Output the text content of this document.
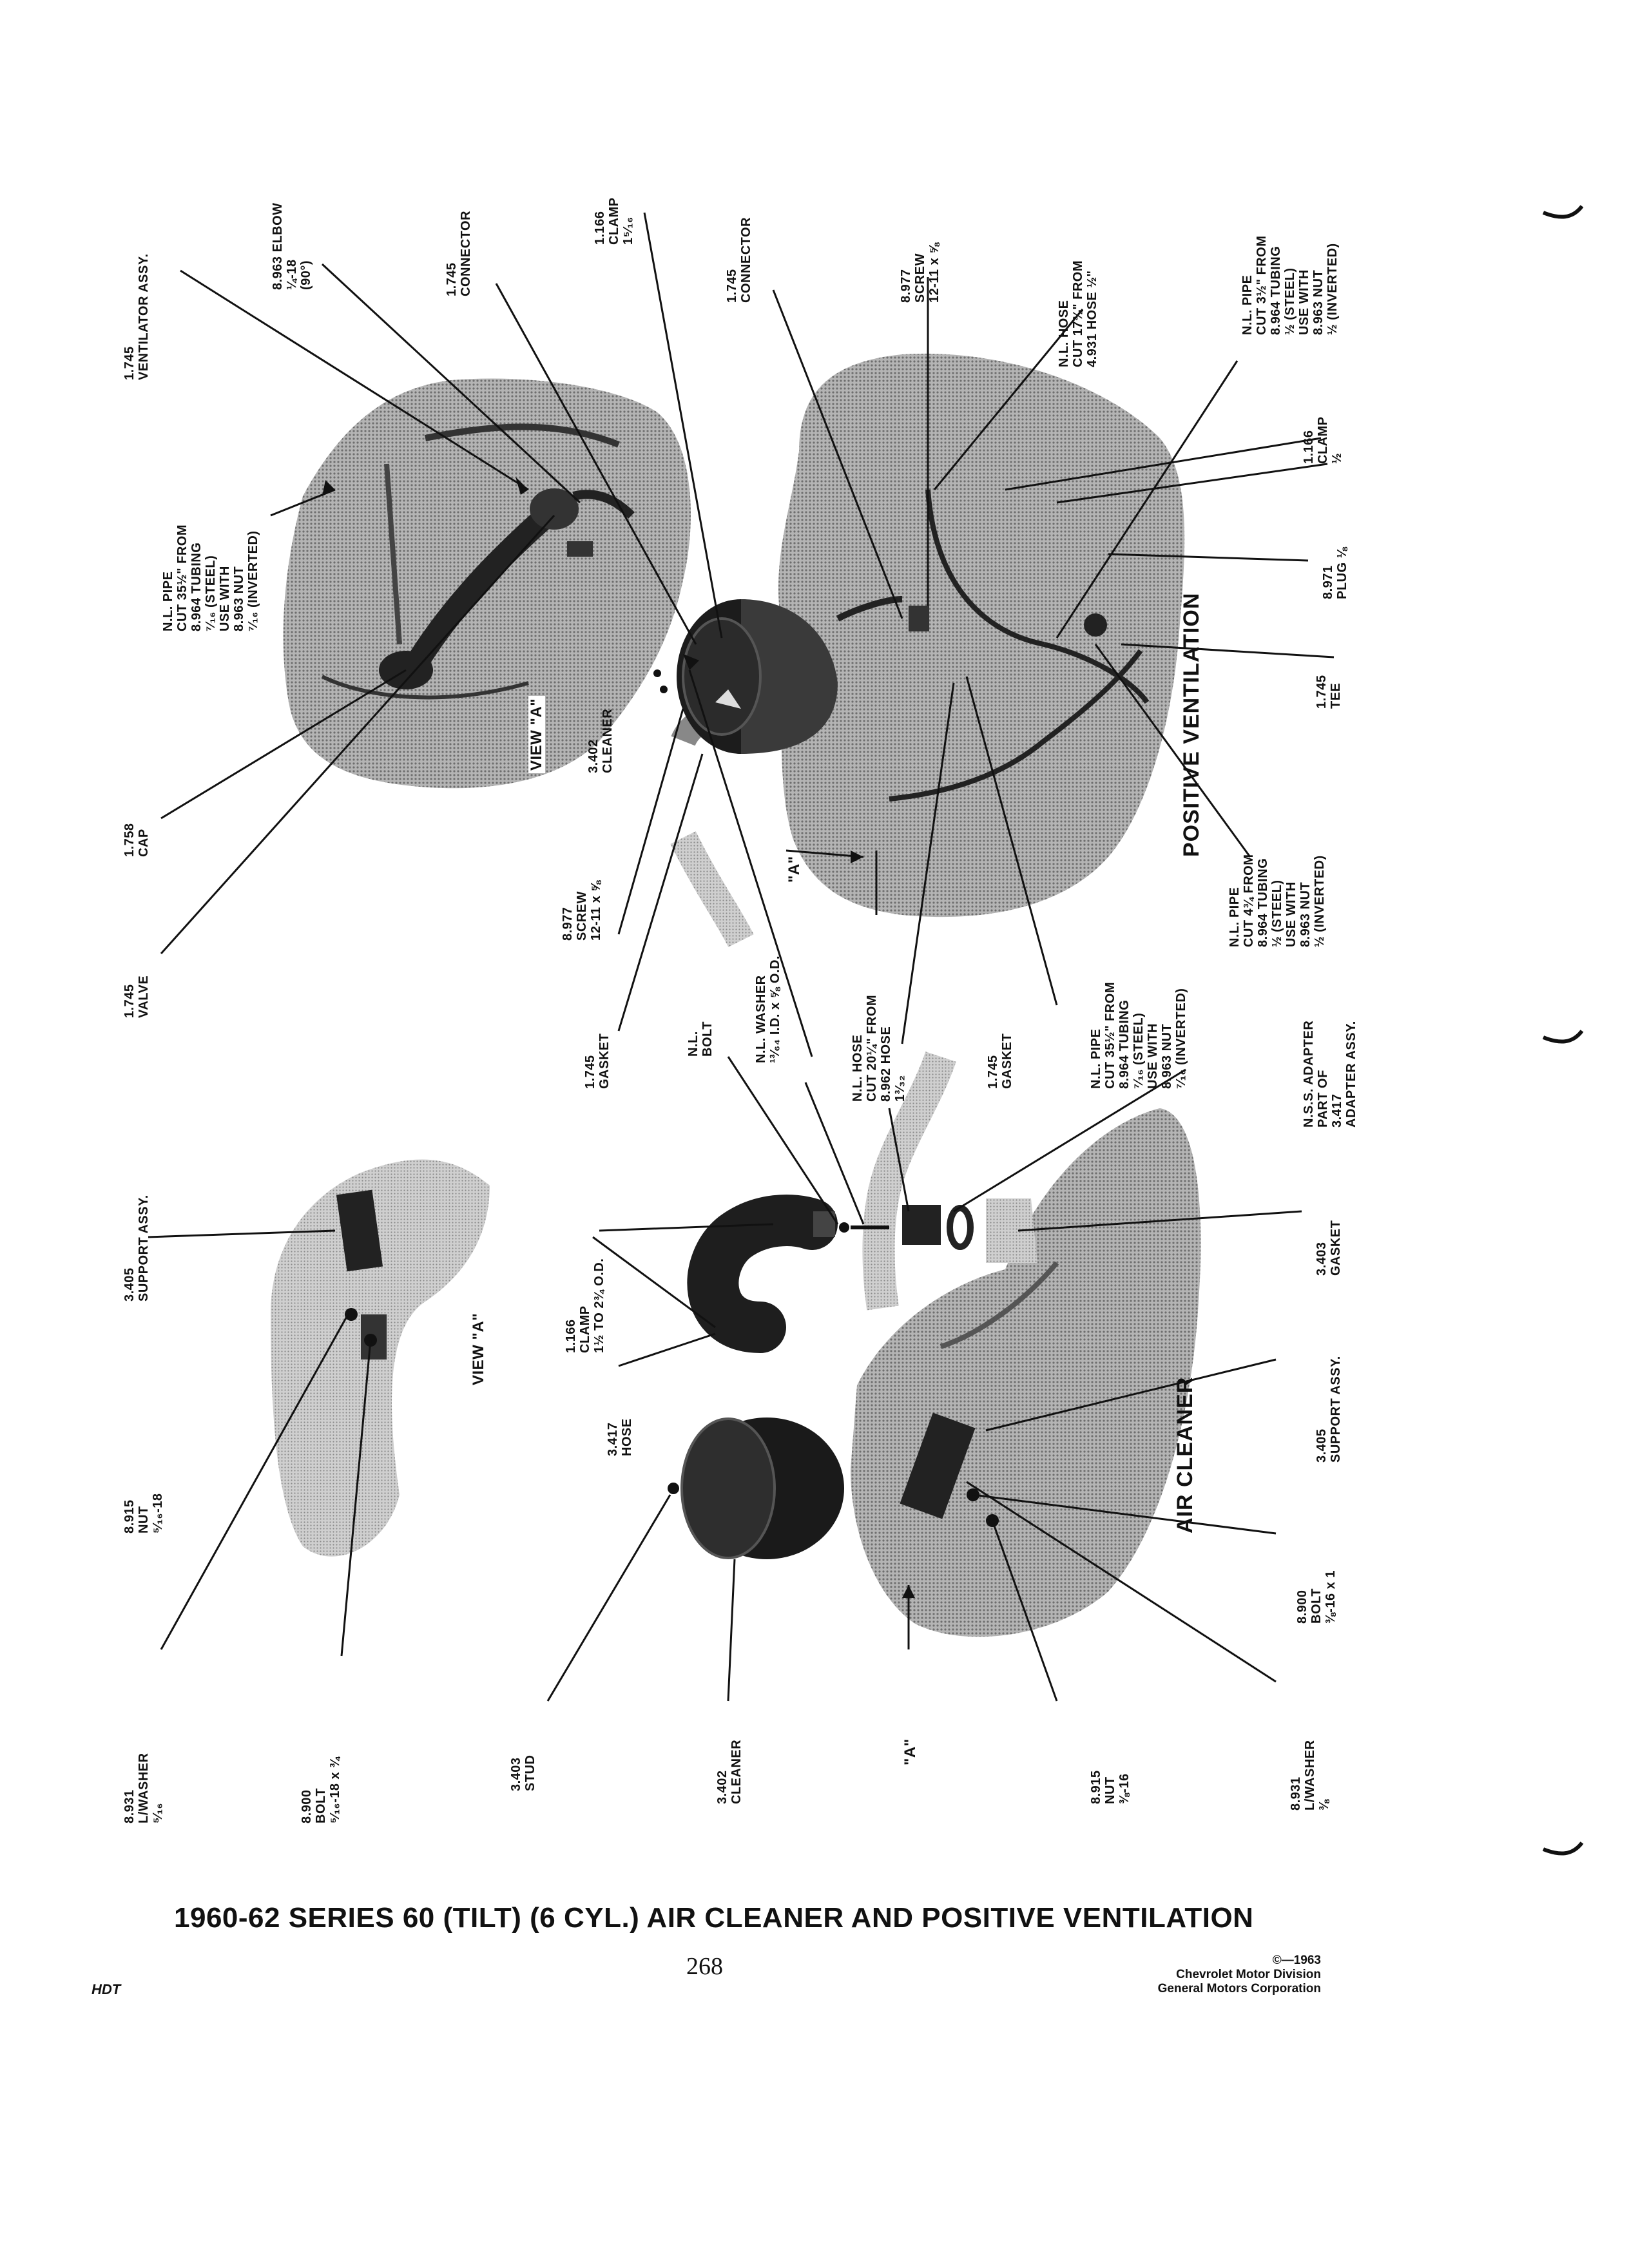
1.745
VENTILATOR ASSY.	8.963 ELBOW
¼-18
(90°)	1.745
CONNECTOR	1.166
CLAMP
1⁵⁄₁₆
1.745
CONNECTOR	8.977
SCREW
12-11 x ⅝
N.L. HOSE
CUT 17¾" FROM
4.931 HOSE ½"
N.L. PIPE
CUT 3½" FROM
8.964 TUBING
½ (STEEL)
USE WITH
8.963 NUT
½ (INVERTED)
N.L. PIPE
CUT 35½" FROM
8.964 TUBING
⁷⁄₁₆ (STEEL)
USE WITH
8.963 NUT
⁷⁄₁₆ (INVERTED)
1.166
CLAMP
½
8.971
PLUG ⅛
1.745
TEE
1.758
CAP
3.402
CLEANER
8.977
SCREW
12-11 x ⅝
N.L. PIPE
CUT 4¾ FROM
8.964 TUBING
½ (STEEL)
USE WITH
8.963 NUT
½ (INVERTED)
1.745
VALVE
1.745
GASKET	N.L.
BOLT	N.L. WASHER
¹³⁄₆₄ I.D. x ⅝ O.D.
N.L. HOSE
CUT 20¼" FROM
8.962 HOSE
1³⁄₃₂	1.745
GASKET	N.L. PIPE
CUT 35½" FROM
8.964 TUBING
⁷⁄₁₆ (STEEL)
USE WITH
8.963 NUT
⁷⁄₁₆ (INVERTED)
N.S.S. ADAPTER
PART OF
3.417
ADAPTER ASSY.
3.405
SUPPORT ASSY.
1.166
CLAMP
1½ TO 2¾ O.D.	3.403
GASKET
8.915
NUT
⁵⁄₁₆-18
3.417
HOSE	3.405
SUPPORT ASSY.
8.900
BOLT
⅜-16 x 1
8.931
L/WASHER
⁵⁄₁₆	8.900
BOLT
⁵⁄₁₆-18 x ¾	3.403
STUD	3.402
CLEANER	8.915
NUT
⅜-16	8.931
L/WASHER
⅜
POSITIVE VENTILATION
AIR CLEANER
VIEW "A"
VIEW "A"
"A"
"A"
1960-62 SERIES 60 (TILT) (6 CYL.) AIR CLEANER AND POSITIVE VENTILATION
268
HDT
©—1963
Chevrolet Motor Division
General Motors Corporation
